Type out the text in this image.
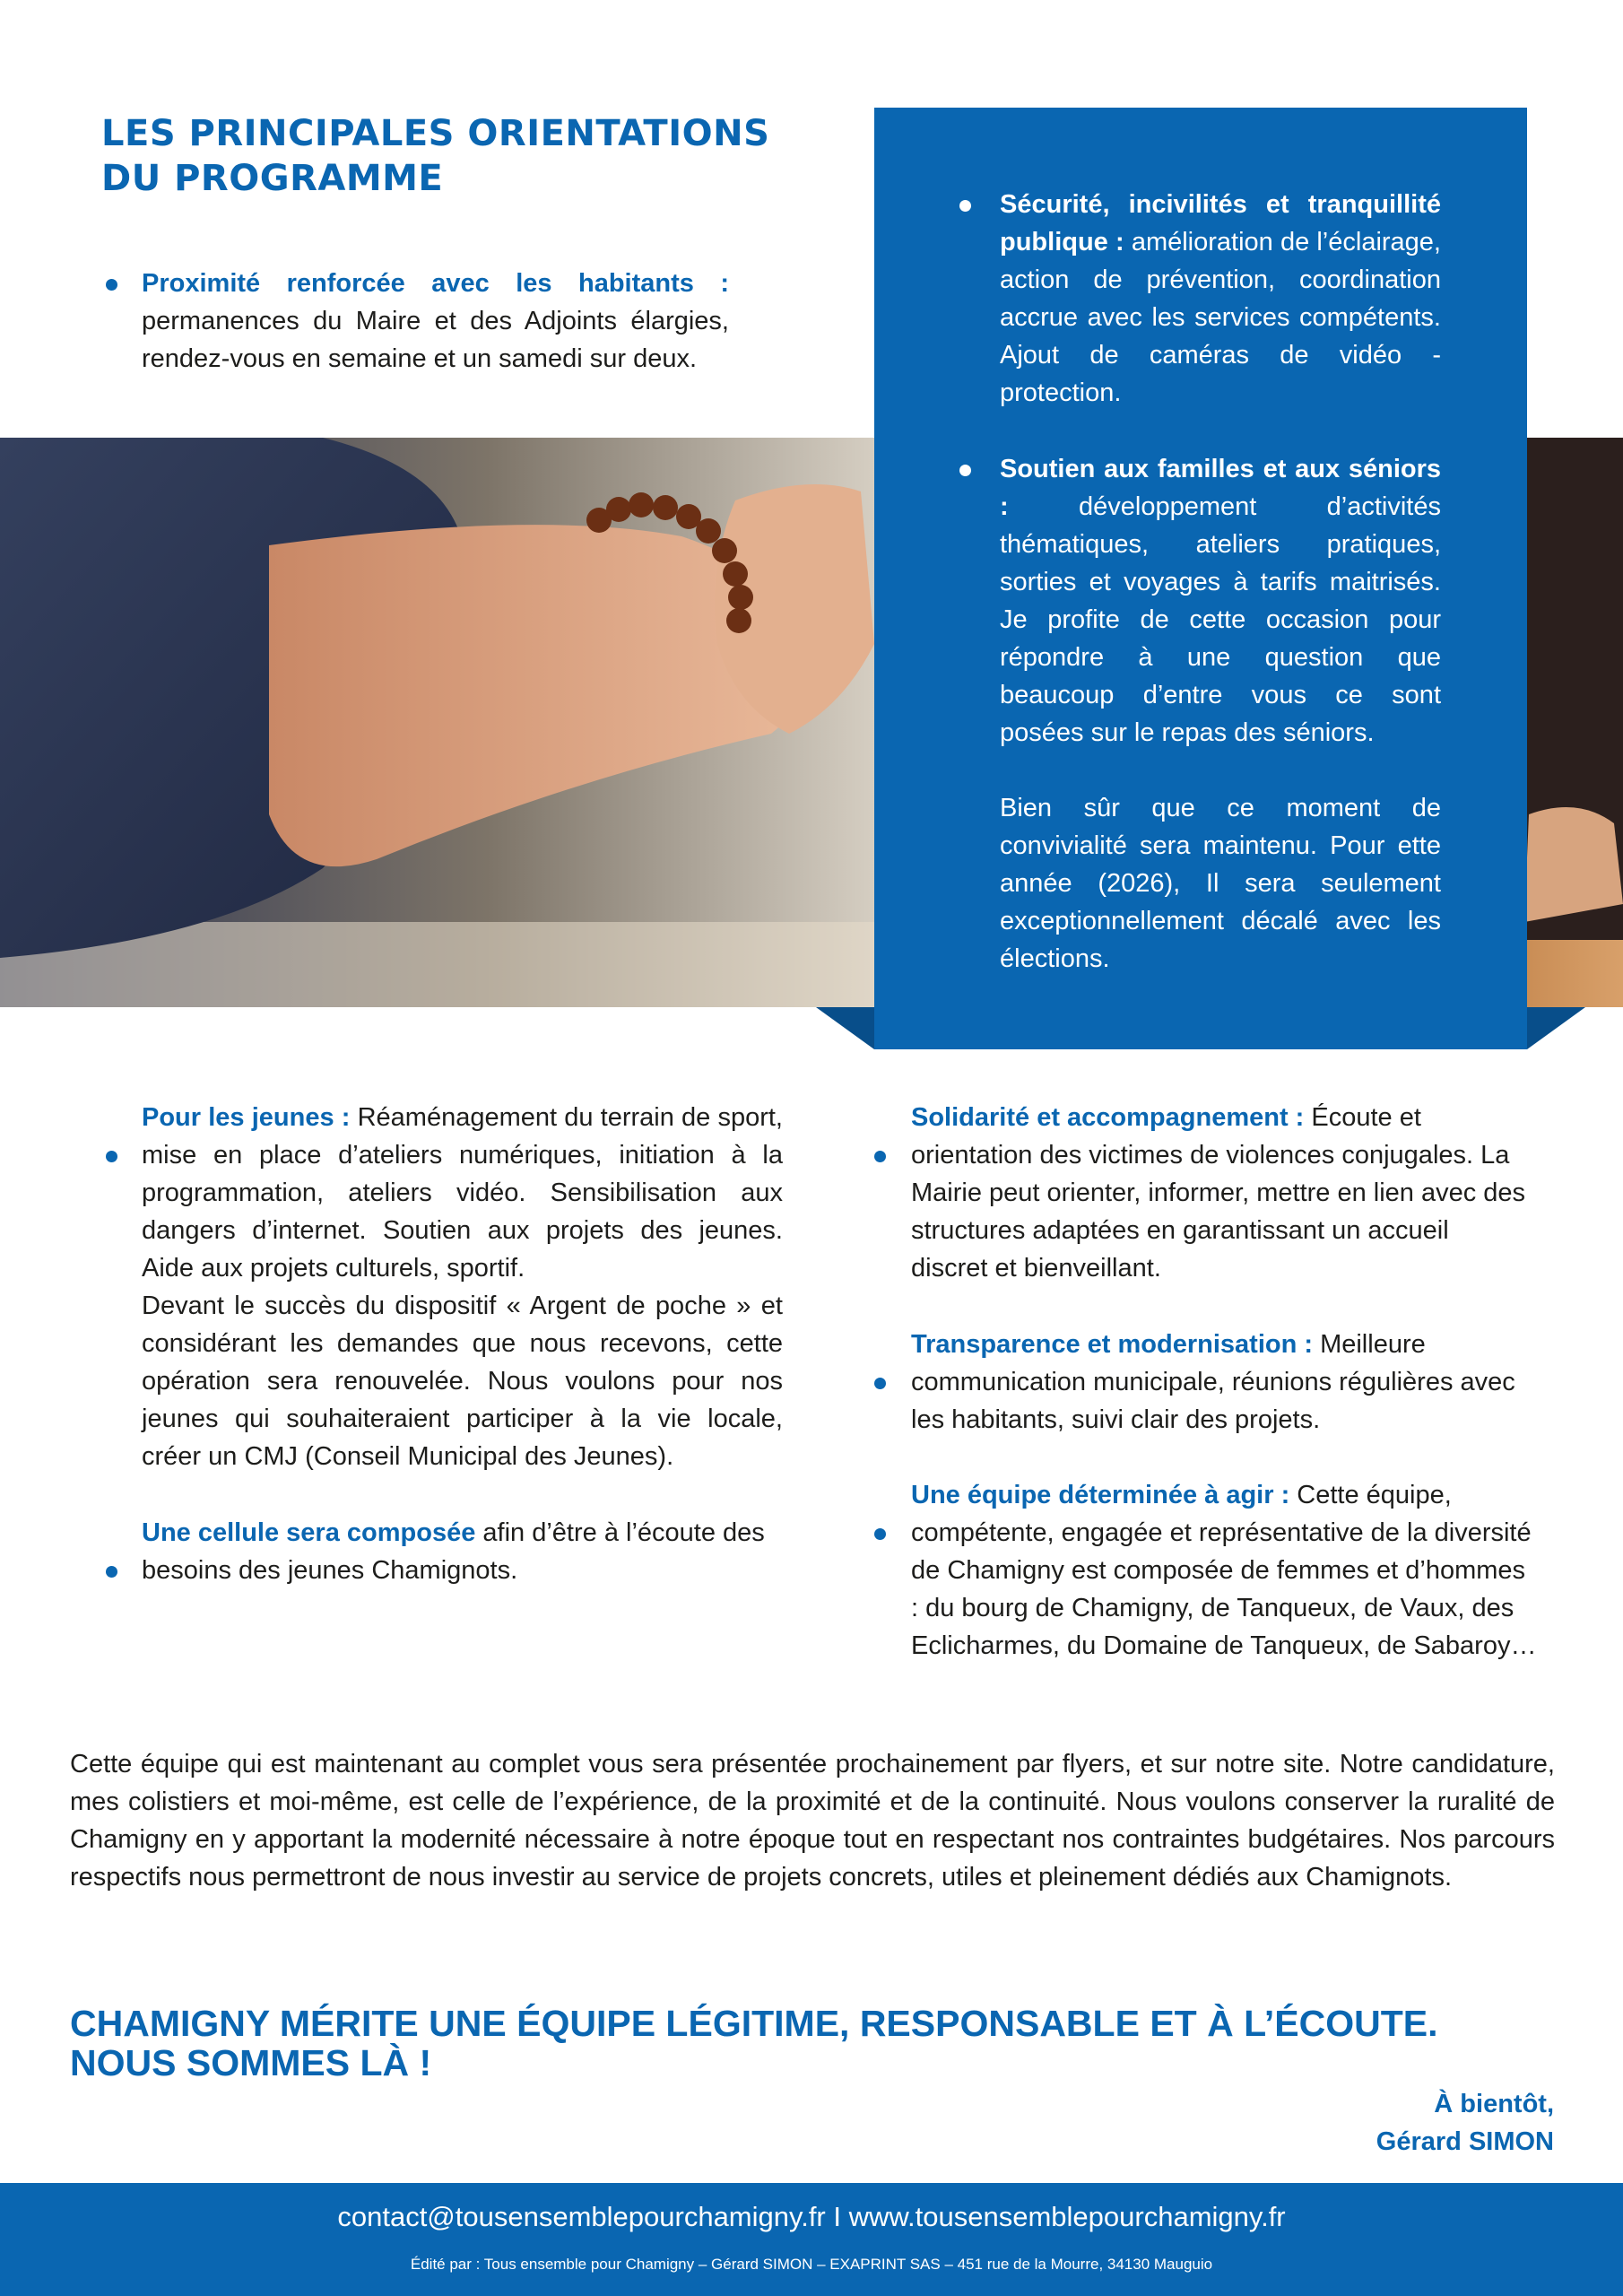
LES PRINCIPALES ORIENTATIONS
DU PROGRAMME
Proximité renforcée avec les habitants : permanences du Maire et des Adjoints élargies, rendez-vous en semaine et un samedi sur deux.
Sécurité, incivilités et tranquillité publique : amélioration de l’éclairage, action de prévention, coordination accrue avec les services compétents. Ajout de caméras de vidéo - protection.
Soutien aux familles et aux séniors :	développement d’activités thématiques, ateliers pratiques, sorties et voyages à tarifs maitrisés. Je profite de cette occasion pour répondre à une question que beaucoup d’entre vous ce sont posées sur le repas des séniors.
Bien sûr que ce moment de convivialité sera maintenu. Pour ette année (2026), Il sera seulement exceptionnellement décalé avec les élections.
Pour les jeunes : Réaménagement du terrain de sport, mise en place d’ateliers numériques, initiation à la programmation, ateliers vidéo. Sensibilisation aux dangers d’internet. Soutien aux projets des jeunes. Aide aux projets culturels, sportif.
Devant le succès du dispositif « Argent de poche » et considérant les demandes que nous recevons, cette opération sera renouvelée. Nous voulons pour nos jeunes qui souhaiteraient participer à la vie locale, créer un CMJ (Conseil Municipal des Jeunes).
Une cellule sera composée afin d’être à l’écoute des besoins des jeunes Chamignots.
Solidarité et accompagnement : Écoute et orientation des victimes de violences conjugales. La Mairie peut orienter, informer, mettre en lien avec des structures adaptées en garantissant un accueil discret et bienveillant.
Transparence et modernisation : Meilleure communication municipale, réunions régulières avec les habitants, suivi clair des projets.
Une équipe déterminée à agir : Cette équipe, compétente, engagée et représentative de la diversité de Chamigny est composée de femmes et d’hommes : du bourg de Chamigny, de Tanqueux, de Vaux, des Eclicharmes, du Domaine de Tanqueux, de Sabaroy…

Cette équipe qui est maintenant au complet vous sera présentée prochainement par flyers, et sur notre site. Notre candidature, mes colistiers et moi-même, est celle de l’expérience, de la proximité et de la continuité. Nous voulons conserver la ruralité de Chamigny en y apportant la modernité nécessaire à notre époque tout en respectant nos contraintes budgétaires. Nos parcours respectifs nous permettront de nous investir au service de projets concrets, utiles et pleinement dédiés aux Chamignots.

CHAMIGNY MÉRITE UNE ÉQUIPE LÉGITIME, RESPONSABLE ET À L’ÉCOUTE.
NOUS SOMMES LÀ !
À bientôt,
Gérard SIMON
contact@tousensemblepourchamigny.fr I www.tousensemblepourchamigny.fr
Édité par : Tous ensemble pour Chamigny – Gérard SIMON – EXAPRINT SAS – 451 rue de la Mourre, 34130 Mauguio
